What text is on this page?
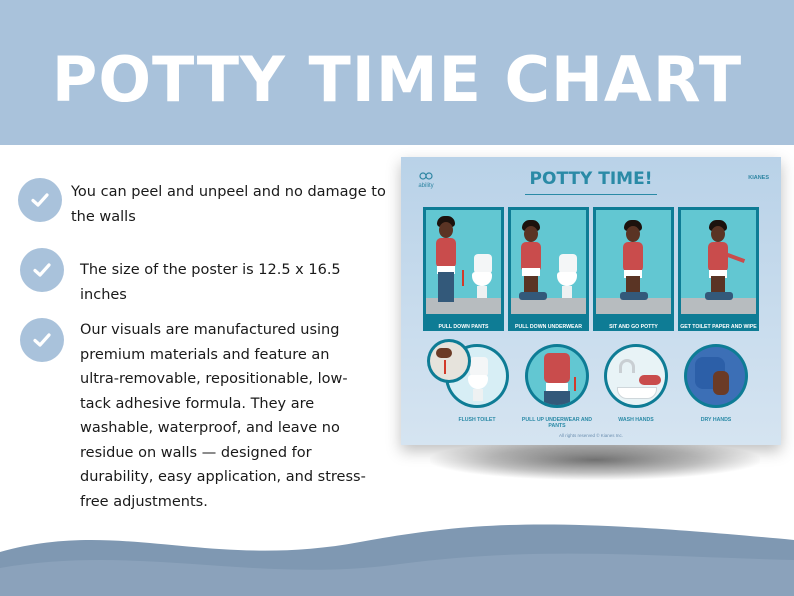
POTTY TIME CHART

You can peel and unpeel and no damage to the walls

The size of the poster is 12.5 x 16.5 inches

Our visuals are manufactured using premium materials and feature an ultra-removable, repositionable, low-tack adhesive formula. They are washable, waterproof, and leave no residue on walls — designed for durability, easy application, and stress-free adjustments.

ability
KIANES
POTTY TIME!
PULL DOWN PANTS	PULL DOWN UNDERWEAR	SIT AND GO POTTY	GET TOILET PAPER AND WIPE
FLUSH TOILET	PULL UP UNDERWEAR AND PANTS
WASH HANDS	DRY HANDS
All rights reserved © Kianes Inc.
